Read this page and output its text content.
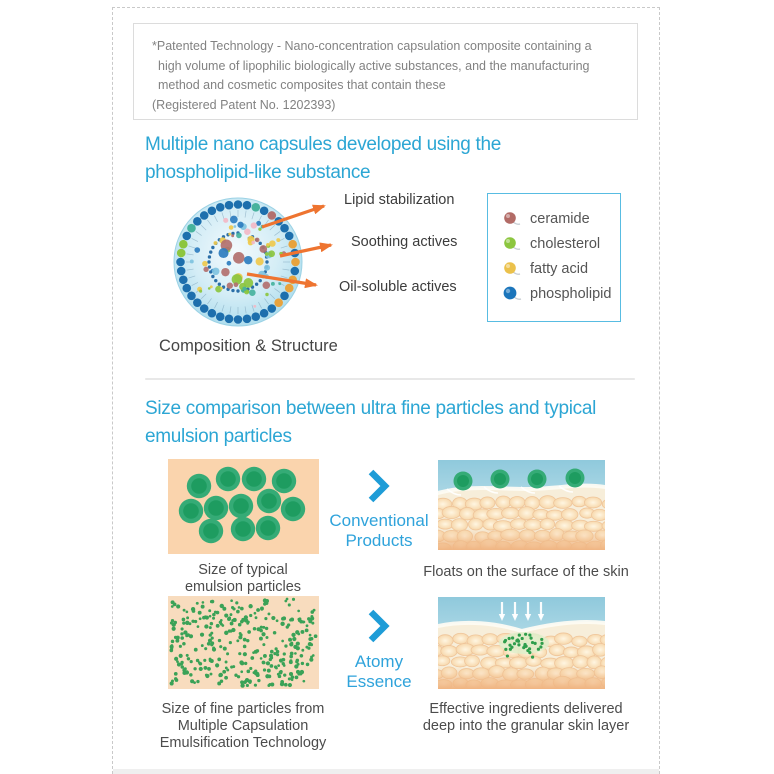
*Patented Technology - Nano-concentration capsulation composite containing a
high volume of lipophilic biologically active substances, and the manufacturing
method and cosmetic composites that contain these
(Registered Patent No. 1202393)
Multiple nano capsules developed using the
phospholipid-like substance
Lipid stabilization
Soothing actives
Oil-soluble actives
ceramide
cholesterol
fatty acid
phospholipid
Composition & Structure
Size comparison between ultra fine particles and typical
emulsion particles
Conventional
Products
Size of typical
emulsion particles
Floats on the surface of the skin
Atomy
Essence
Size of fine particles from
Multiple Capsulation
Emulsification Technology
Effective ingredients delivered
deep into the granular skin layer
